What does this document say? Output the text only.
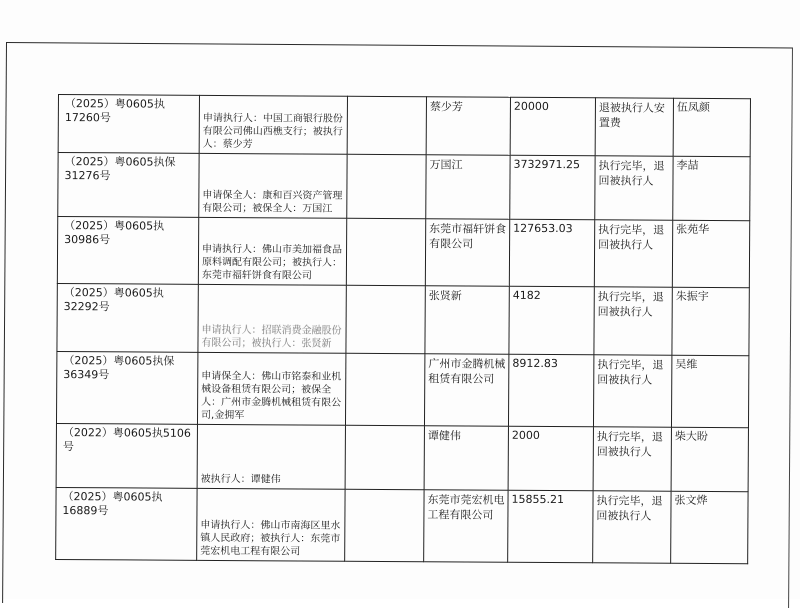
（2025）粤0605执17260号	申请执行人：中国工商银行股份有限公司佛山西樵支行；被执行人：蔡少芳		蔡少芳	20000	退被执行人安置费	伍凤颜
（2025）粤0605执保31276号	申请保全人：康和百兴资产管理有限公司；被保全人：万国江		万国江	3732971.25	执行完毕，退回被执行人	李喆
（2025）粤0605执30986号	申请执行人：佛山市美加福食品原料调配有限公司；被执行人：东莞市福轩饼食有限公司		东莞市福轩饼食有限公司	127653.03	执行完毕，退回被执行人	张苑华
（2025）粤0605执32292号	申请执行人：招联消费金融股份有限公司；被执行人：张贤新		张贤新	4182	执行完毕，退回被执行人	朱振宇
（2025）粤0605执保36349号	申请保全人：佛山市铭泰和业机械设备租赁有限公司；被保全人：广州市金腾机械租赁有限公司,金拥军		广州市金腾机械租赁有限公司	8912.83	执行完毕，退回被执行人	吴维
（2022）粤0605执5106号	被执行人：谭健伟		谭健伟	2000	执行完毕，退回被执行人	柴大盼
（2025）粤0605执16889号	申请执行人：佛山市南海区里水镇人民政府；被执行人：东莞市莞宏机电工程有限公司		东莞市莞宏机电工程有限公司	15855.21	执行完毕，退回被执行人	张文烨
